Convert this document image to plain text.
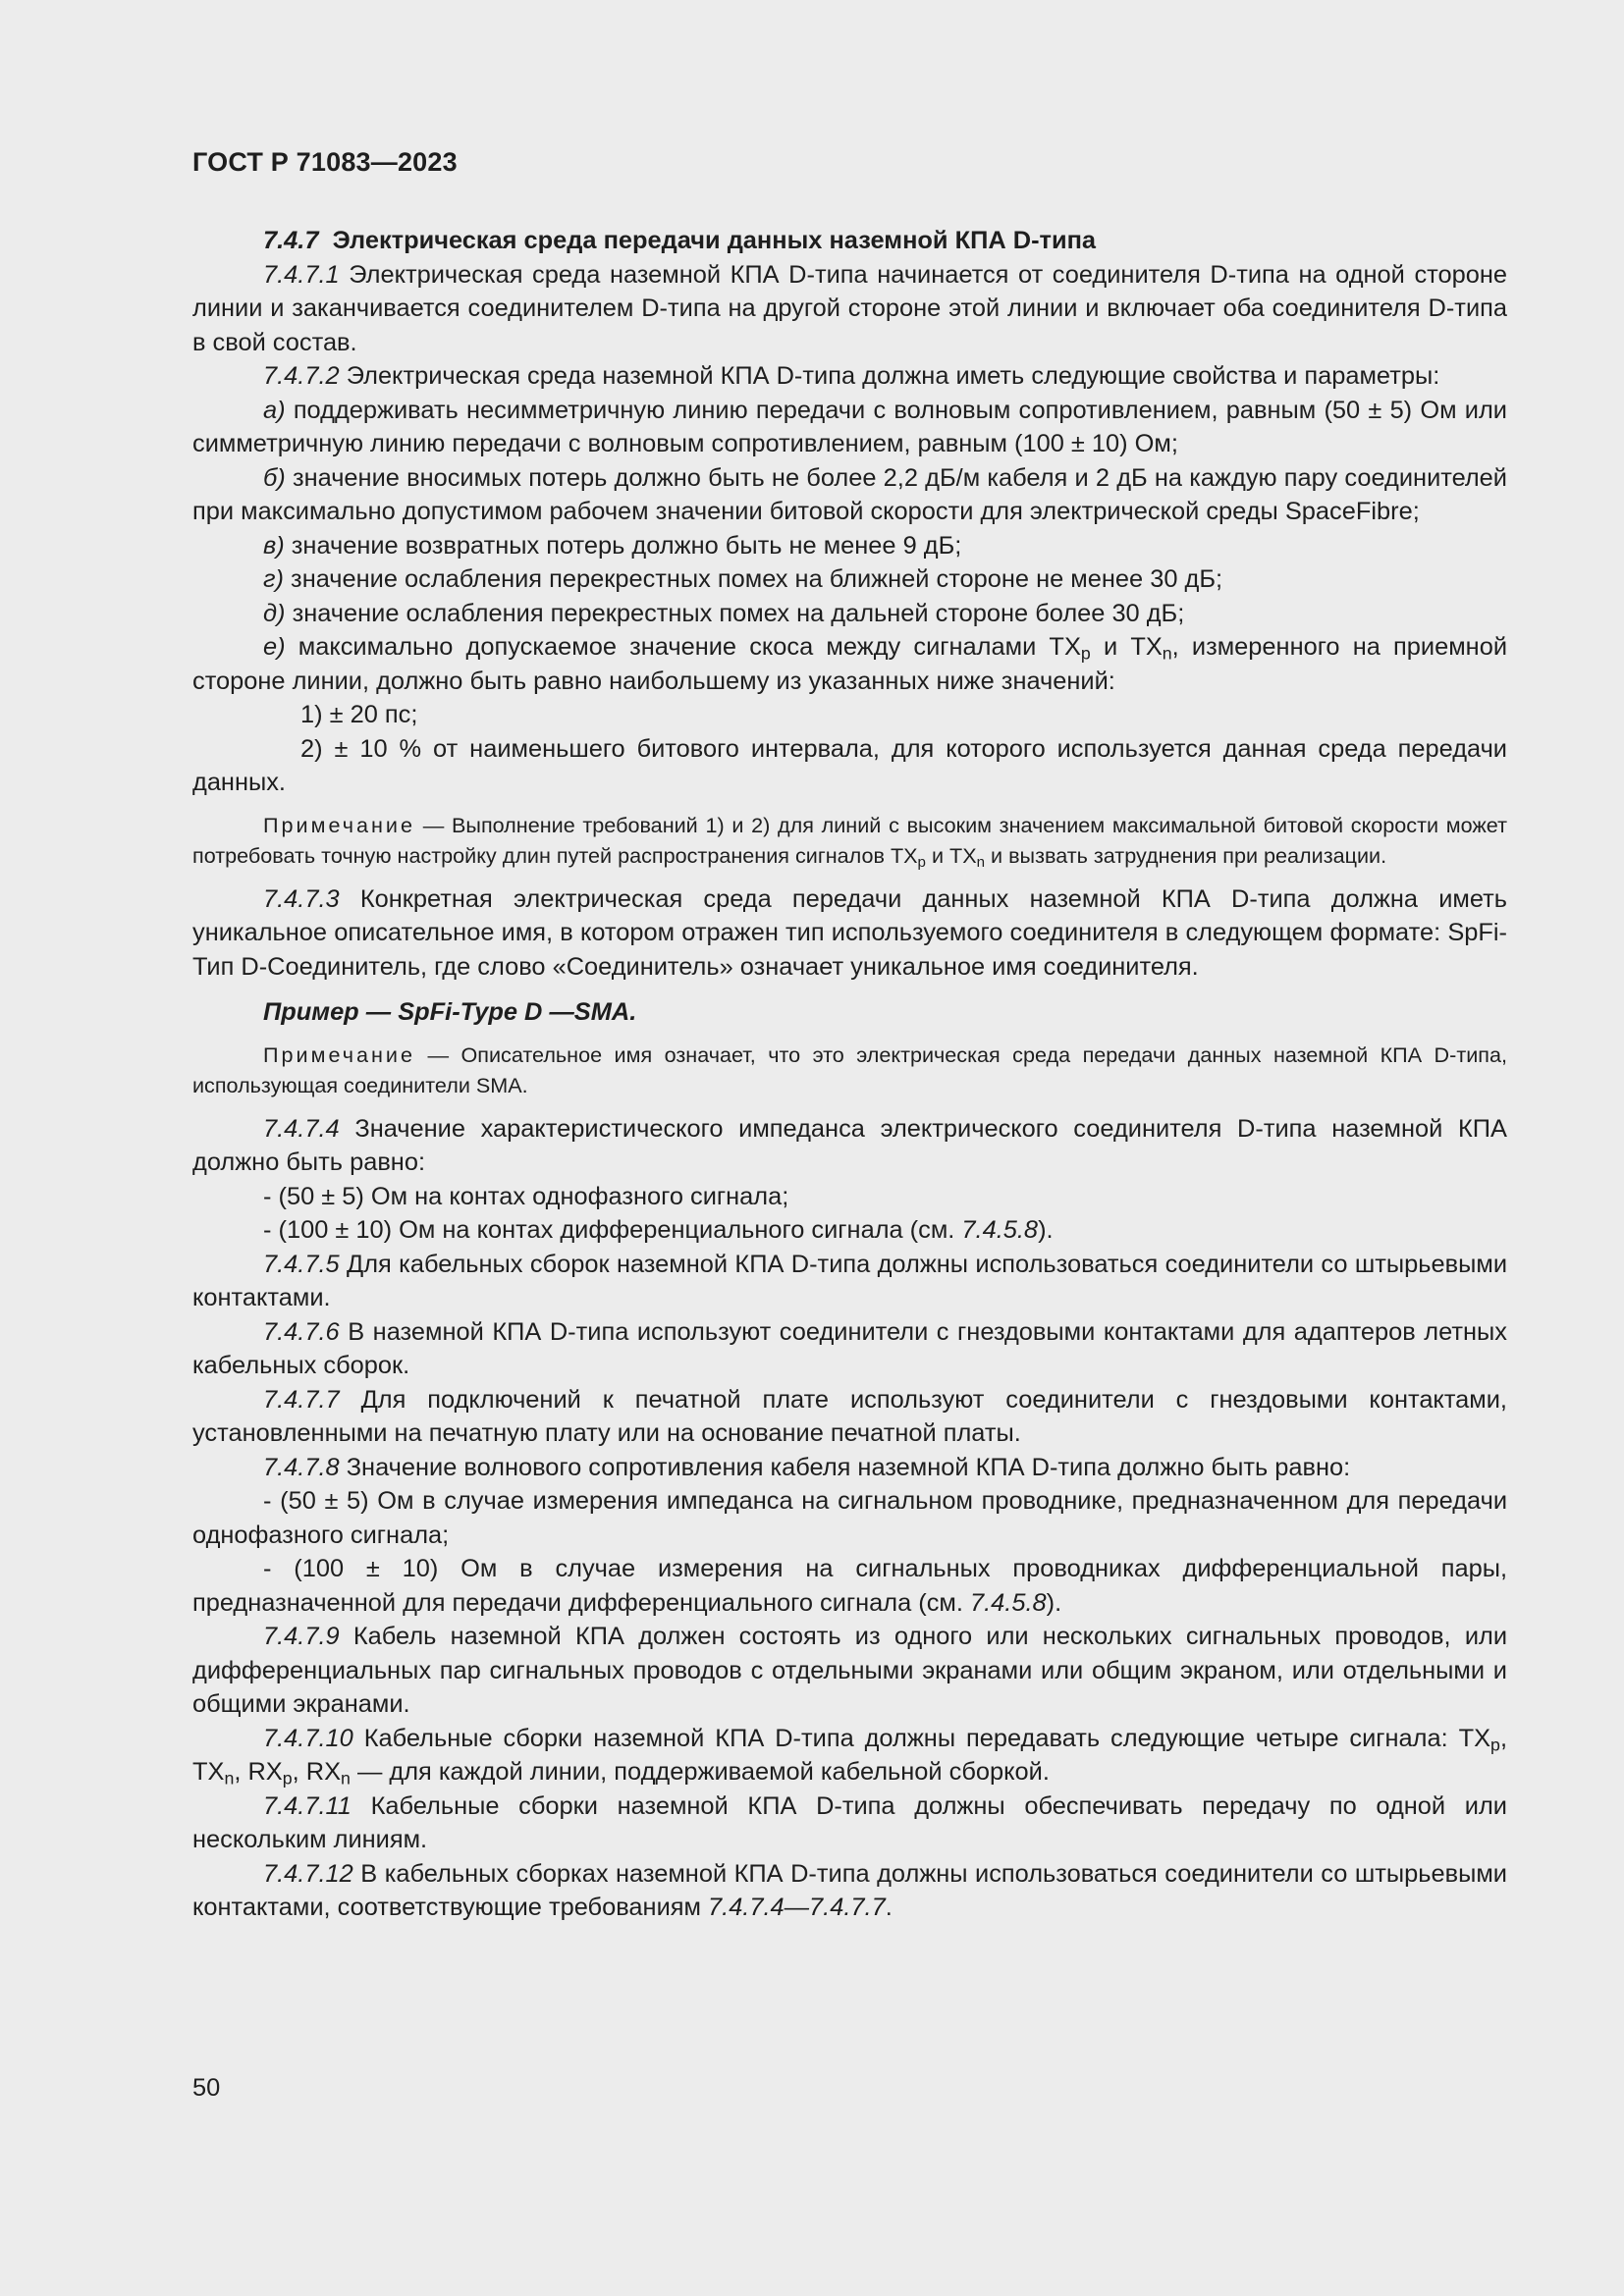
ГОСТ Р 71083—2023

7.4.7 Электрическая среда передачи данных наземной КПА D-типа

7.4.7.1 Электрическая среда наземной КПА D-типа начинается от соединителя D-типа на одной стороне линии и заканчивается соединителем D-типа на другой стороне этой линии и включает оба соединителя D-типа в свой состав.

7.4.7.2 Электрическая среда наземной КПА D-типа должна иметь следующие свойства и параметры:

а) поддерживать несимметричную линию передачи с волновым сопротивлением, равным (50 ± 5) Ом или симметричную линию передачи с волновым сопротивлением, равным (100 ± 10) Ом;

б) значение вносимых потерь должно быть не более 2,2 дБ/м кабеля и 2 дБ на каждую пару соединителей при максимально допустимом рабочем значении битовой скорости для электрической среды SpaceFibre;

в) значение возвратных потерь должно быть не менее 9 дБ;

г) значение ослабления перекрестных помех на ближней стороне не менее 30 дБ;

д) значение ослабления перекрестных помех на дальней стороне более 30 дБ;

е) максимально допускаемое значение скоса между сигналами $TX_p$ и $TX_n$, измеренного на приемной стороне линии, должно быть равно наибольшему из указанных ниже значений:

1) ± 20 пс;

2) ± 10 % от наименьшего битового интервала, для которого используется данная среда передачи данных.

Примечание — Выполнение требований 1) и 2) для линий с высоким значением максимальной битовой скорости может потребовать точную настройку длин путей распространения сигналов $TX_p$ и $TX_n$ и вызвать затруднения при реализации.

7.4.7.3 Конкретная электрическая среда передачи данных наземной КПА D-типа должна иметь уникальное описательное имя, в котором отражен тип используемого соединителя в следующем формате: SpFi-Тип D-Соединитель, где слово «Соединитель» означает уникальное имя соединителя.

Пример — SpFi-Type D —SMA.

Примечание — Описательное имя означает, что это электрическая среда передачи данных наземной КПА D-типа, использующая соединители SMA.

7.4.7.4 Значение характеристического импеданса электрического соединителя D-типа наземной КПА должно быть равно:

- (50 ± 5) Ом на контах однофазного сигнала;

- (100 ± 10) Ом на контах дифференциального сигнала (см. 7.4.5.8).

7.4.7.5 Для кабельных сборок наземной КПА D-типа должны использоваться соединители со штырьевыми контактами.

7.4.7.6 В наземной КПА D-типа используют соединители с гнездовыми контактами для адаптеров летных кабельных сборок.

7.4.7.7 Для подключений к печатной плате используют соединители с гнездовыми контактами, установленными на печатную плату или на основание печатной платы.

7.4.7.8 Значение волнового сопротивления кабеля наземной КПА D-типа должно быть равно:

- (50 ± 5) Ом в случае измерения импеданса на сигнальном проводнике, предназначенном для передачи однофазного сигнала;

- (100 ± 10) Ом в случае измерения на сигнальных проводниках дифференциальной пары, предназначенной для передачи дифференциального сигнала (см. 7.4.5.8).

7.4.7.9 Кабель наземной КПА должен состоять из одного или нескольких сигнальных проводов, или дифференциальных пар сигнальных проводов с отдельными экранами или общим экраном, или отдельными и общими экранами.

7.4.7.10 Кабельные сборки наземной КПА D-типа должны передавать следующие четыре сигнала: $TX_p$, $TX_n$, $RX_p$, $RX_n$ — для каждой линии, поддерживаемой кабельной сборкой.

7.4.7.11 Кабельные сборки наземной КПА D-типа должны обеспечивать передачу по одной или нескольким линиям.

7.4.7.12 В кабельных сборках наземной КПА D-типа должны использоваться соединители со штырьевыми контактами, соответствующие требованиям 7.4.7.4—7.4.7.7.

50
